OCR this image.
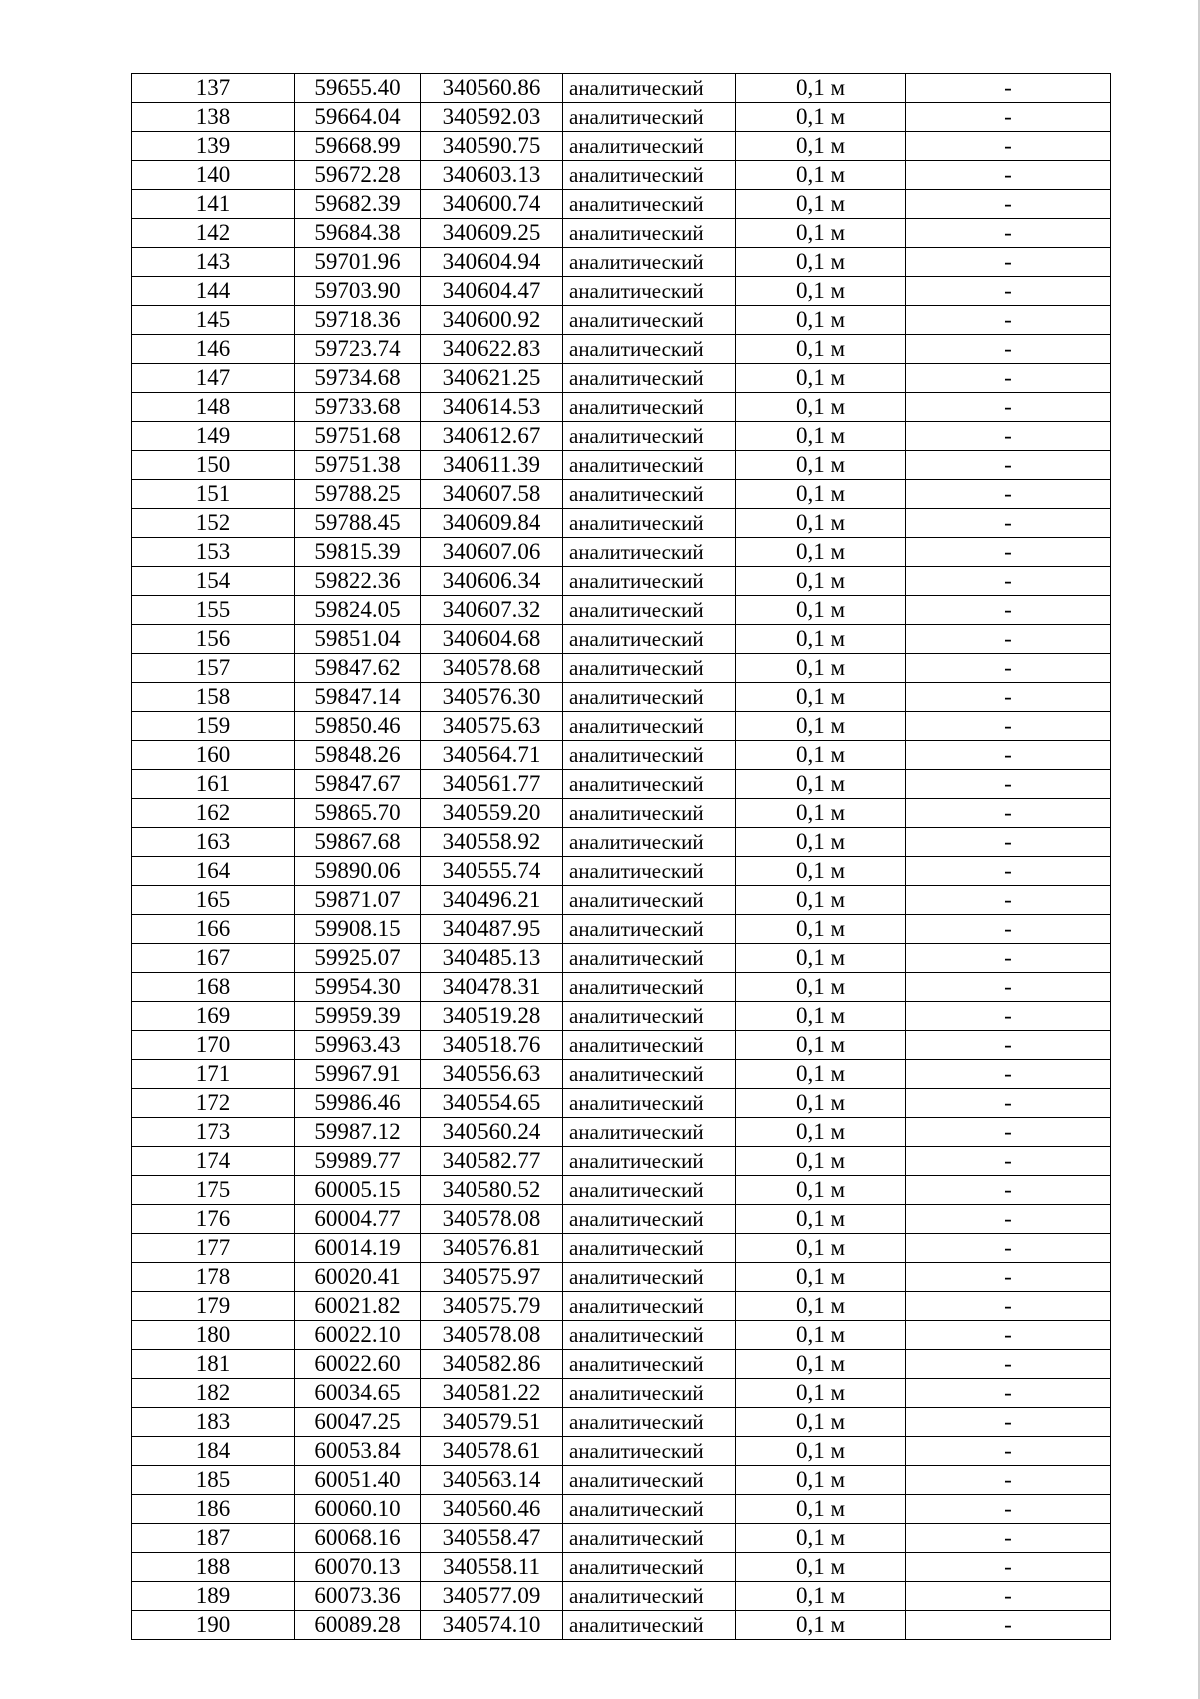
137	59655.40	340560.86	аналитический	0,1 м	-
138	59664.04	340592.03	аналитический	0,1 м	-
139	59668.99	340590.75	аналитический	0,1 м	-
140	59672.28	340603.13	аналитический	0,1 м	-
141	59682.39	340600.74	аналитический	0,1 м	-
142	59684.38	340609.25	аналитический	0,1 м	-
143	59701.96	340604.94	аналитический	0,1 м	-
144	59703.90	340604.47	аналитический	0,1 м	-
145	59718.36	340600.92	аналитический	0,1 м	-
146	59723.74	340622.83	аналитический	0,1 м	-
147	59734.68	340621.25	аналитический	0,1 м	-
148	59733.68	340614.53	аналитический	0,1 м	-
149	59751.68	340612.67	аналитический	0,1 м	-
150	59751.38	340611.39	аналитический	0,1 м	-
151	59788.25	340607.58	аналитический	0,1 м	-
152	59788.45	340609.84	аналитический	0,1 м	-
153	59815.39	340607.06	аналитический	0,1 м	-
154	59822.36	340606.34	аналитический	0,1 м	-
155	59824.05	340607.32	аналитический	0,1 м	-
156	59851.04	340604.68	аналитический	0,1 м	-
157	59847.62	340578.68	аналитический	0,1 м	-
158	59847.14	340576.30	аналитический	0,1 м	-
159	59850.46	340575.63	аналитический	0,1 м	-
160	59848.26	340564.71	аналитический	0,1 м	-
161	59847.67	340561.77	аналитический	0,1 м	-
162	59865.70	340559.20	аналитический	0,1 м	-
163	59867.68	340558.92	аналитический	0,1 м	-
164	59890.06	340555.74	аналитический	0,1 м	-
165	59871.07	340496.21	аналитический	0,1 м	-
166	59908.15	340487.95	аналитический	0,1 м	-
167	59925.07	340485.13	аналитический	0,1 м	-
168	59954.30	340478.31	аналитический	0,1 м	-
169	59959.39	340519.28	аналитический	0,1 м	-
170	59963.43	340518.76	аналитический	0,1 м	-
171	59967.91	340556.63	аналитический	0,1 м	-
172	59986.46	340554.65	аналитический	0,1 м	-
173	59987.12	340560.24	аналитический	0,1 м	-
174	59989.77	340582.77	аналитический	0,1 м	-
175	60005.15	340580.52	аналитический	0,1 м	-
176	60004.77	340578.08	аналитический	0,1 м	-
177	60014.19	340576.81	аналитический	0,1 м	-
178	60020.41	340575.97	аналитический	0,1 м	-
179	60021.82	340575.79	аналитический	0,1 м	-
180	60022.10	340578.08	аналитический	0,1 м	-
181	60022.60	340582.86	аналитический	0,1 м	-
182	60034.65	340581.22	аналитический	0,1 м	-
183	60047.25	340579.51	аналитический	0,1 м	-
184	60053.84	340578.61	аналитический	0,1 м	-
185	60051.40	340563.14	аналитический	0,1 м	-
186	60060.10	340560.46	аналитический	0,1 м	-
187	60068.16	340558.47	аналитический	0,1 м	-
188	60070.13	340558.11	аналитический	0,1 м	-
189	60073.36	340577.09	аналитический	0,1 м	-
190	60089.28	340574.10	аналитический	0,1 м	-
